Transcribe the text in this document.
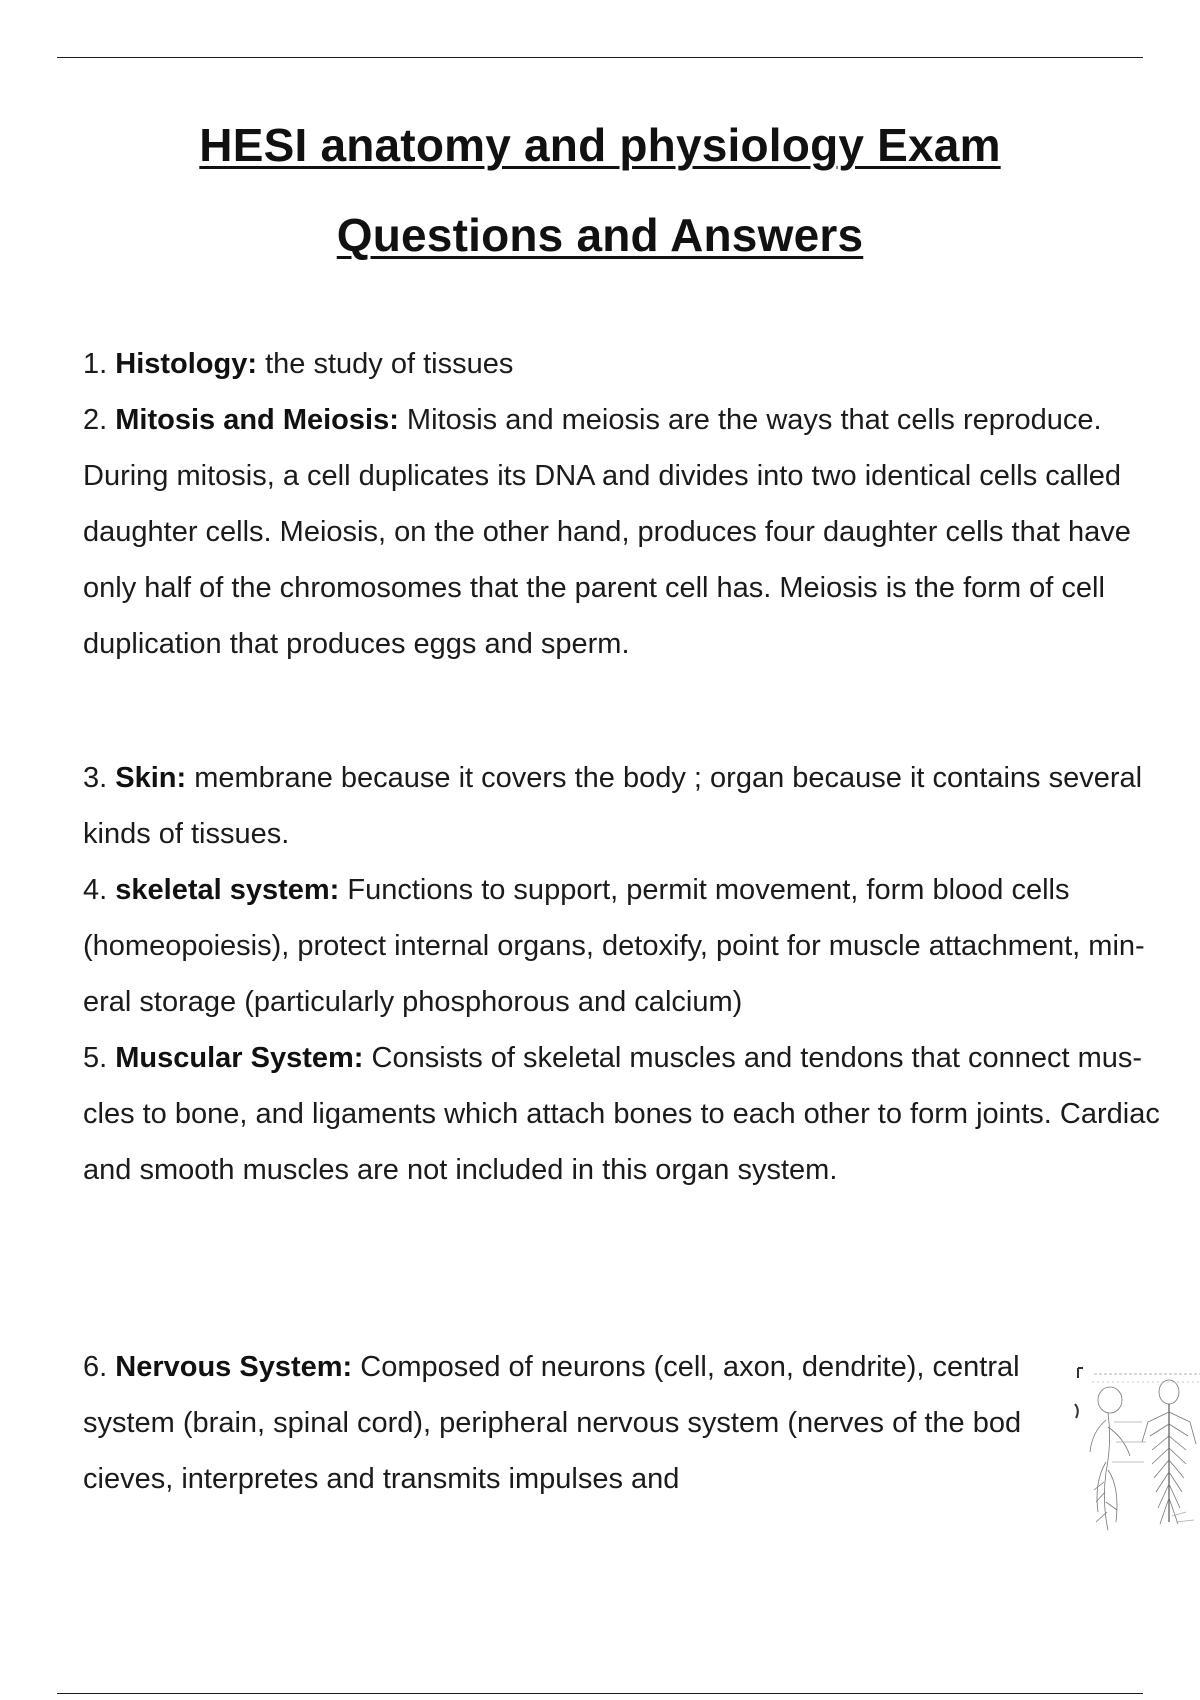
HESI anatomy and physiology Exam
Questions and Answers

1. Histology: the study of tissues

2. Mitosis and Meiosis: Mitosis and meiosis are the ways that cells reproduce. During mitosis, a cell duplicates its DNA and divides into two identical cells called daughter cells. Meiosis, on the other hand, produces four daughter cells that have only half of the chromosomes that the parent cell has. Meiosis is the form of cell duplication that produces eggs and sperm.

3. Skin: membrane because it covers the body ; organ because it contains several kinds of tissues.

4. skeletal system: Functions to support, permit movement, form blood cells (homeopoiesis), protect internal organs, detoxify, point for muscle attachment, min- eral storage (particularly phosphorous and calcium)

5. Muscular System: Consists of skeletal muscles and tendons that connect mus- cles to bone, and ligaments which attach bones to each other to form joints. Cardiac and smooth muscles are not included in this organ system.

6. Nervous System: Composed of neurons (cell, axon, dendrite), central system (brain, spinal cord), peripheral nervous system (nerves of the bod cieves, interpretes and transmits impulses and
